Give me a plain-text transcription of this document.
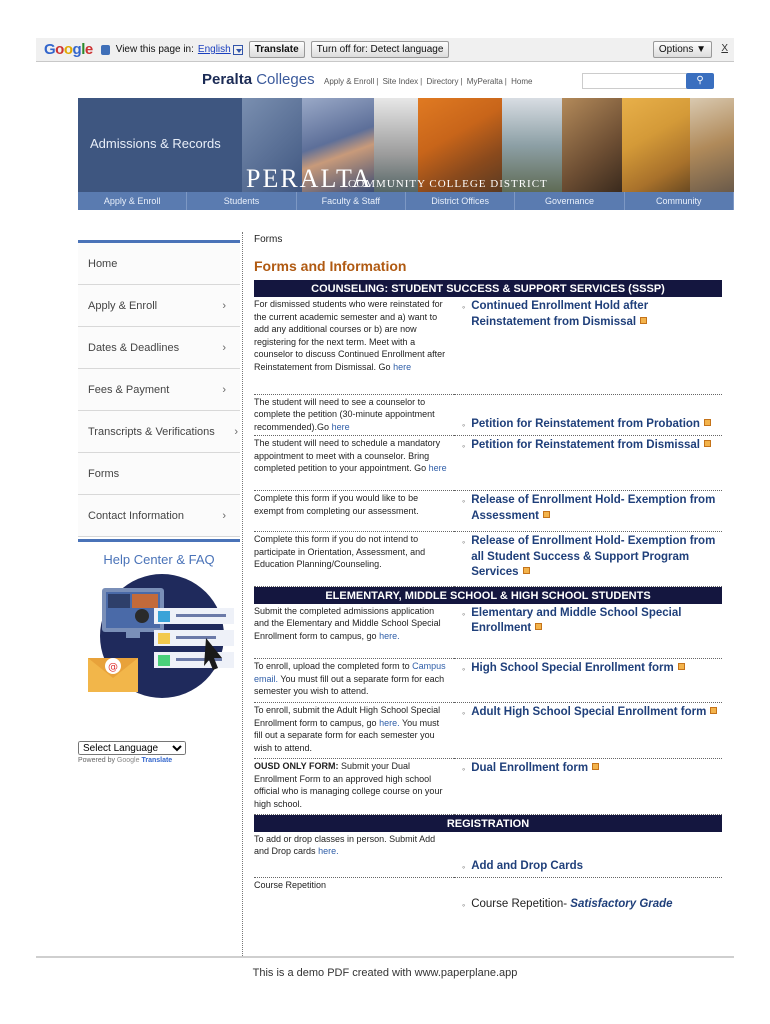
Google View this page in: English	Translate	Turn off for: Detect language	Options ▼	X
Peralta Colleges Apply & Enroll | Site Index | Directory | MyPeralta | Home	⚲
Admissions & Records
PERALTA
COMMUNITY COLLEGE DISTRICT
Apply & Enroll	Students	Faculty & Staff	District Offices	Governance	Community
Home
Apply & Enroll	›
Dates & Deadlines	›
Fees & Payment	›
Transcripts & Verifications ›
Forms
Contact Information	›
Help Center & FAQ
@
Select Language
Powered by Google Translate
Forms
Forms and Information
COUNSELING: STUDENT SUCCESS & SUPPORT SERVICES (SSSP)	
For dismissed students who were reinstated for the current academic semester and a) want to add any additional courses or b) are now registering for the next term. Meet with a counselor to discuss Continued Enrollment after Reinstatement from Dismissal. Go here	◦ Continued Enrollment Hold after Reinstatement from Dismissal

The student will need to see a counselor to complete the petition (30-minute appointment recommended).Go here	◦ Petition for Reinstatement from Probation

The student will need to schedule a mandatory appointment to meet with a counselor. Bring completed petition to your appointment. Go here	◦ Petition for Reinstatement from Dismissal

Complete this form if you would like to be exempt from completing our assessment.	◦ Release of Enrollment Hold- Exemption from Assessment

Complete this form if you do not intend to participate in Orientation, Assessment, and Education Planning/Counseling.	◦ Release of Enrollment Hold- Exemption from all Student Success & Support Program Services

ELEMENTARY, MIDDLE SCHOOL & HIGH SCHOOL STUDENTS	
Submit the completed admissions application and the Elementary and Middle School Special Enrollment form to campus, go here.	◦ Elementary and Middle School Special Enrollment

To enroll, upload the completed form to Campus email. You must fill out a separate form for each semester you wish to attend.	◦ High School Special Enrollment form

To enroll, submit the Adult High School Special Enrollment form to campus, go here. You must fill out a separate form for each semester you wish to attend.	◦ Adult High School Special Enrollment form

OUSD ONLY FORM: Submit your Dual Enrollment Form to an approved high school official who is managing college course on your high school.	◦ Dual Enrollment form

REGISTRATION	
To add or drop classes in person. Submit Add and Drop cards here.	◦ Add and Drop Cards

Course Repetition	◦ Course Repetition- Satisfactory Grade
This is a demo PDF created with www.paperplane.app
